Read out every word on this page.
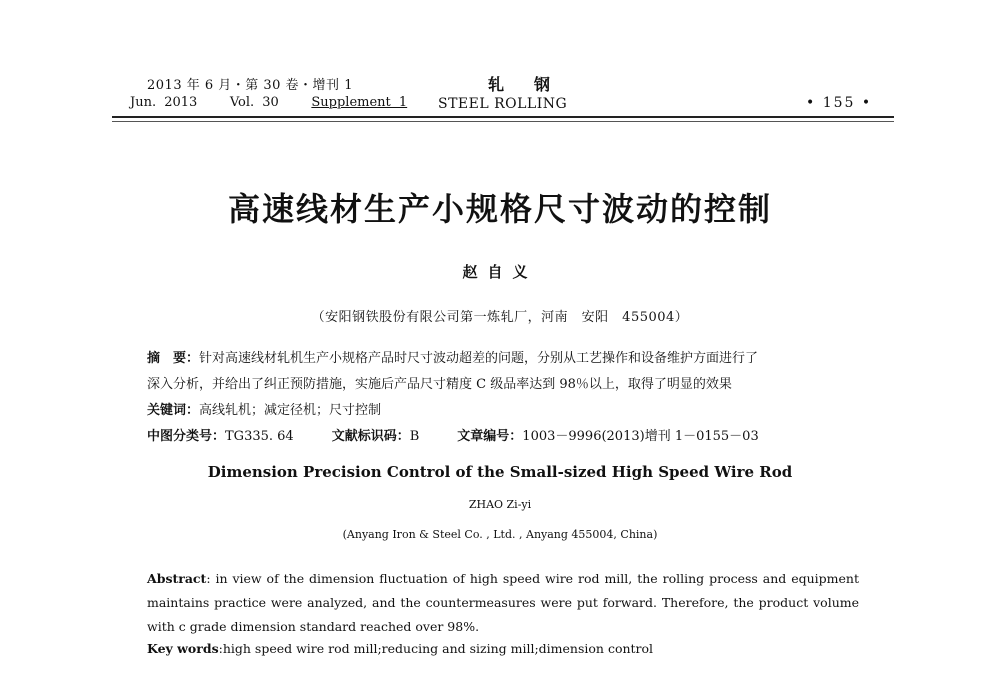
2013 年 6 月・第 30 卷・增刊 1
Jun. 2013	Vol. 30	Supplement 1
轧钢
STEEL ROLLING	• 155 •
高速线材生产小规格尺寸波动的控制
赵自义
（安阳钢铁股份有限公司第一炼轧厂，河南　安阳　455004）
摘　要：针对高速线材轧机生产小规格产品时尺寸波动超差的问题，分别从工艺操作和设备维护方面进行了
深入分析，并给出了纠正预防措施，实施后产品尺寸精度 C 级品率达到 98％以上，取得了明显的效果
关键词：高线轧机；减定径机；尺寸控制
中图分类号：TG335. 64	文献标识码：B	文章编号：1003－9996(2013)增刊 1－0155－03
Dimension Precision Control of the Small-sized High Speed Wire Rod
ZHAO Zi-yi
(Anyang Iron & Steel Co. , Ltd. , Anyang 455004, China)
Abstract: in view of the dimension fluctuation of high speed wire rod mill, the rolling process and equipment maintains practice were analyzed, and the countermeasures were put forward. Therefore, the product volume with c grade dimension standard reached over 98%.
Key words:high speed wire rod mill;reducing and sizing mill;dimension control
